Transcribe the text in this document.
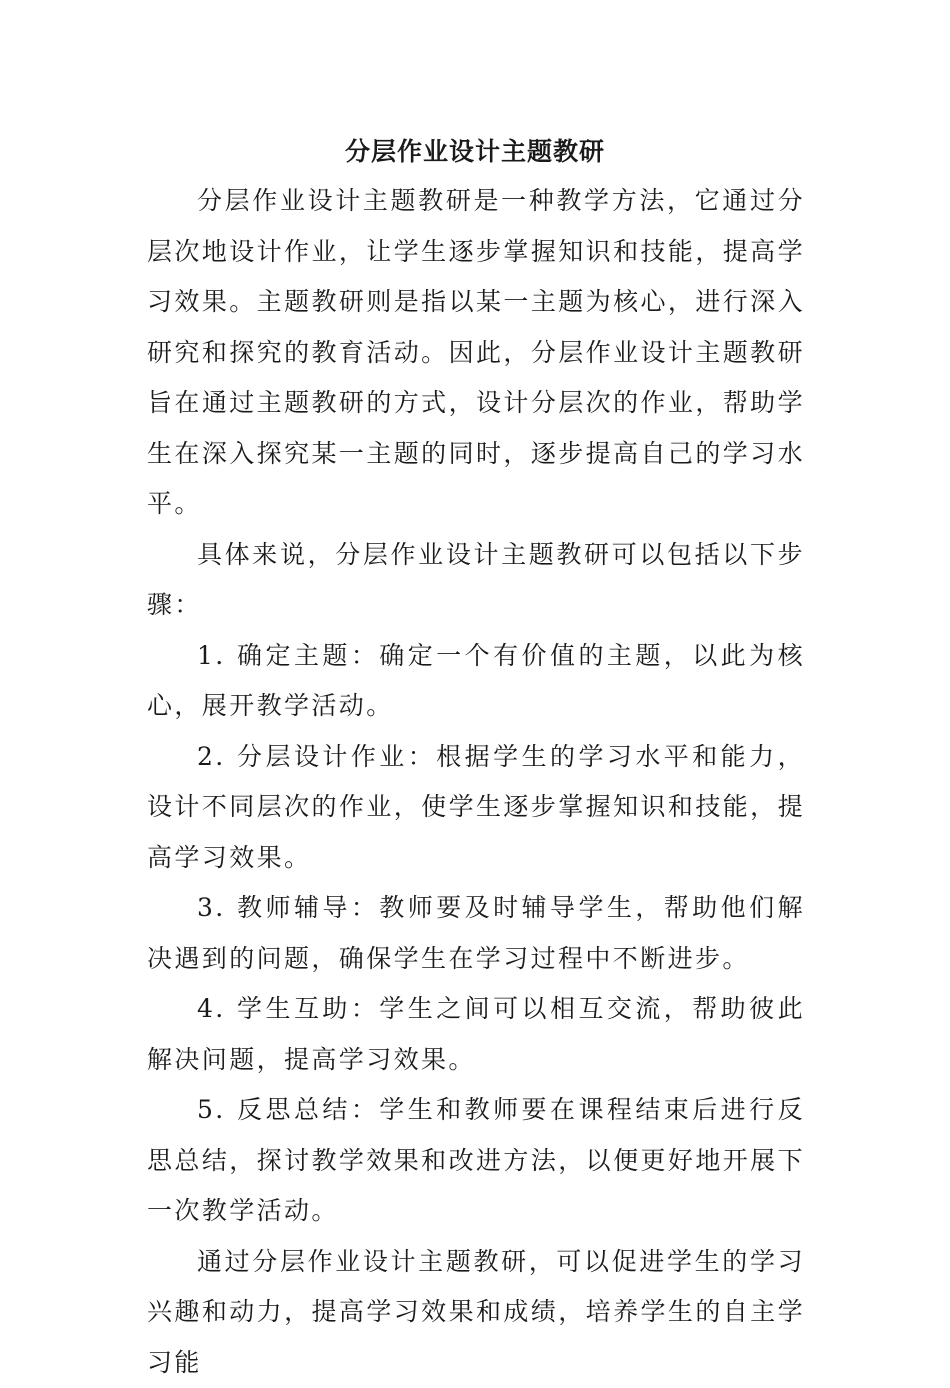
分层作业设计主题教研

分层作业设计主题教研是一种教学方法，它通过分层次地设计作业，让学生逐步掌握知识和技能，提高学习效果。主题教研则是指以某一主题为核心，进行深入研究和探究的教育活动。因此，分层作业设计主题教研旨在通过主题教研的方式，设计分层次的作业，帮助学生在深入探究某一主题的同时，逐步提高自己的学习水平。

具体来说，分层作业设计主题教研可以包括以下步骤：

1. 确定主题：确定一个有价值的主题，以此为核心，展开教学活动。

2. 分层设计作业：根据学生的学习水平和能力，设计不同层次的作业，使学生逐步掌握知识和技能，提高学习效果。

3. 教师辅导：教师要及时辅导学生，帮助他们解决遇到的问题，确保学生在学习过程中不断进步。

4. 学生互助：学生之间可以相互交流，帮助彼此解决问题，提高学习效果。

5. 反思总结：学生和教师要在课程结束后进行反思总结，探讨教学效果和改进方法，以便更好地开展下一次教学活动。

通过分层作业设计主题教研，可以促进学生的学习兴趣和动力，提高学习效果和成绩，培养学生的自主学习能
